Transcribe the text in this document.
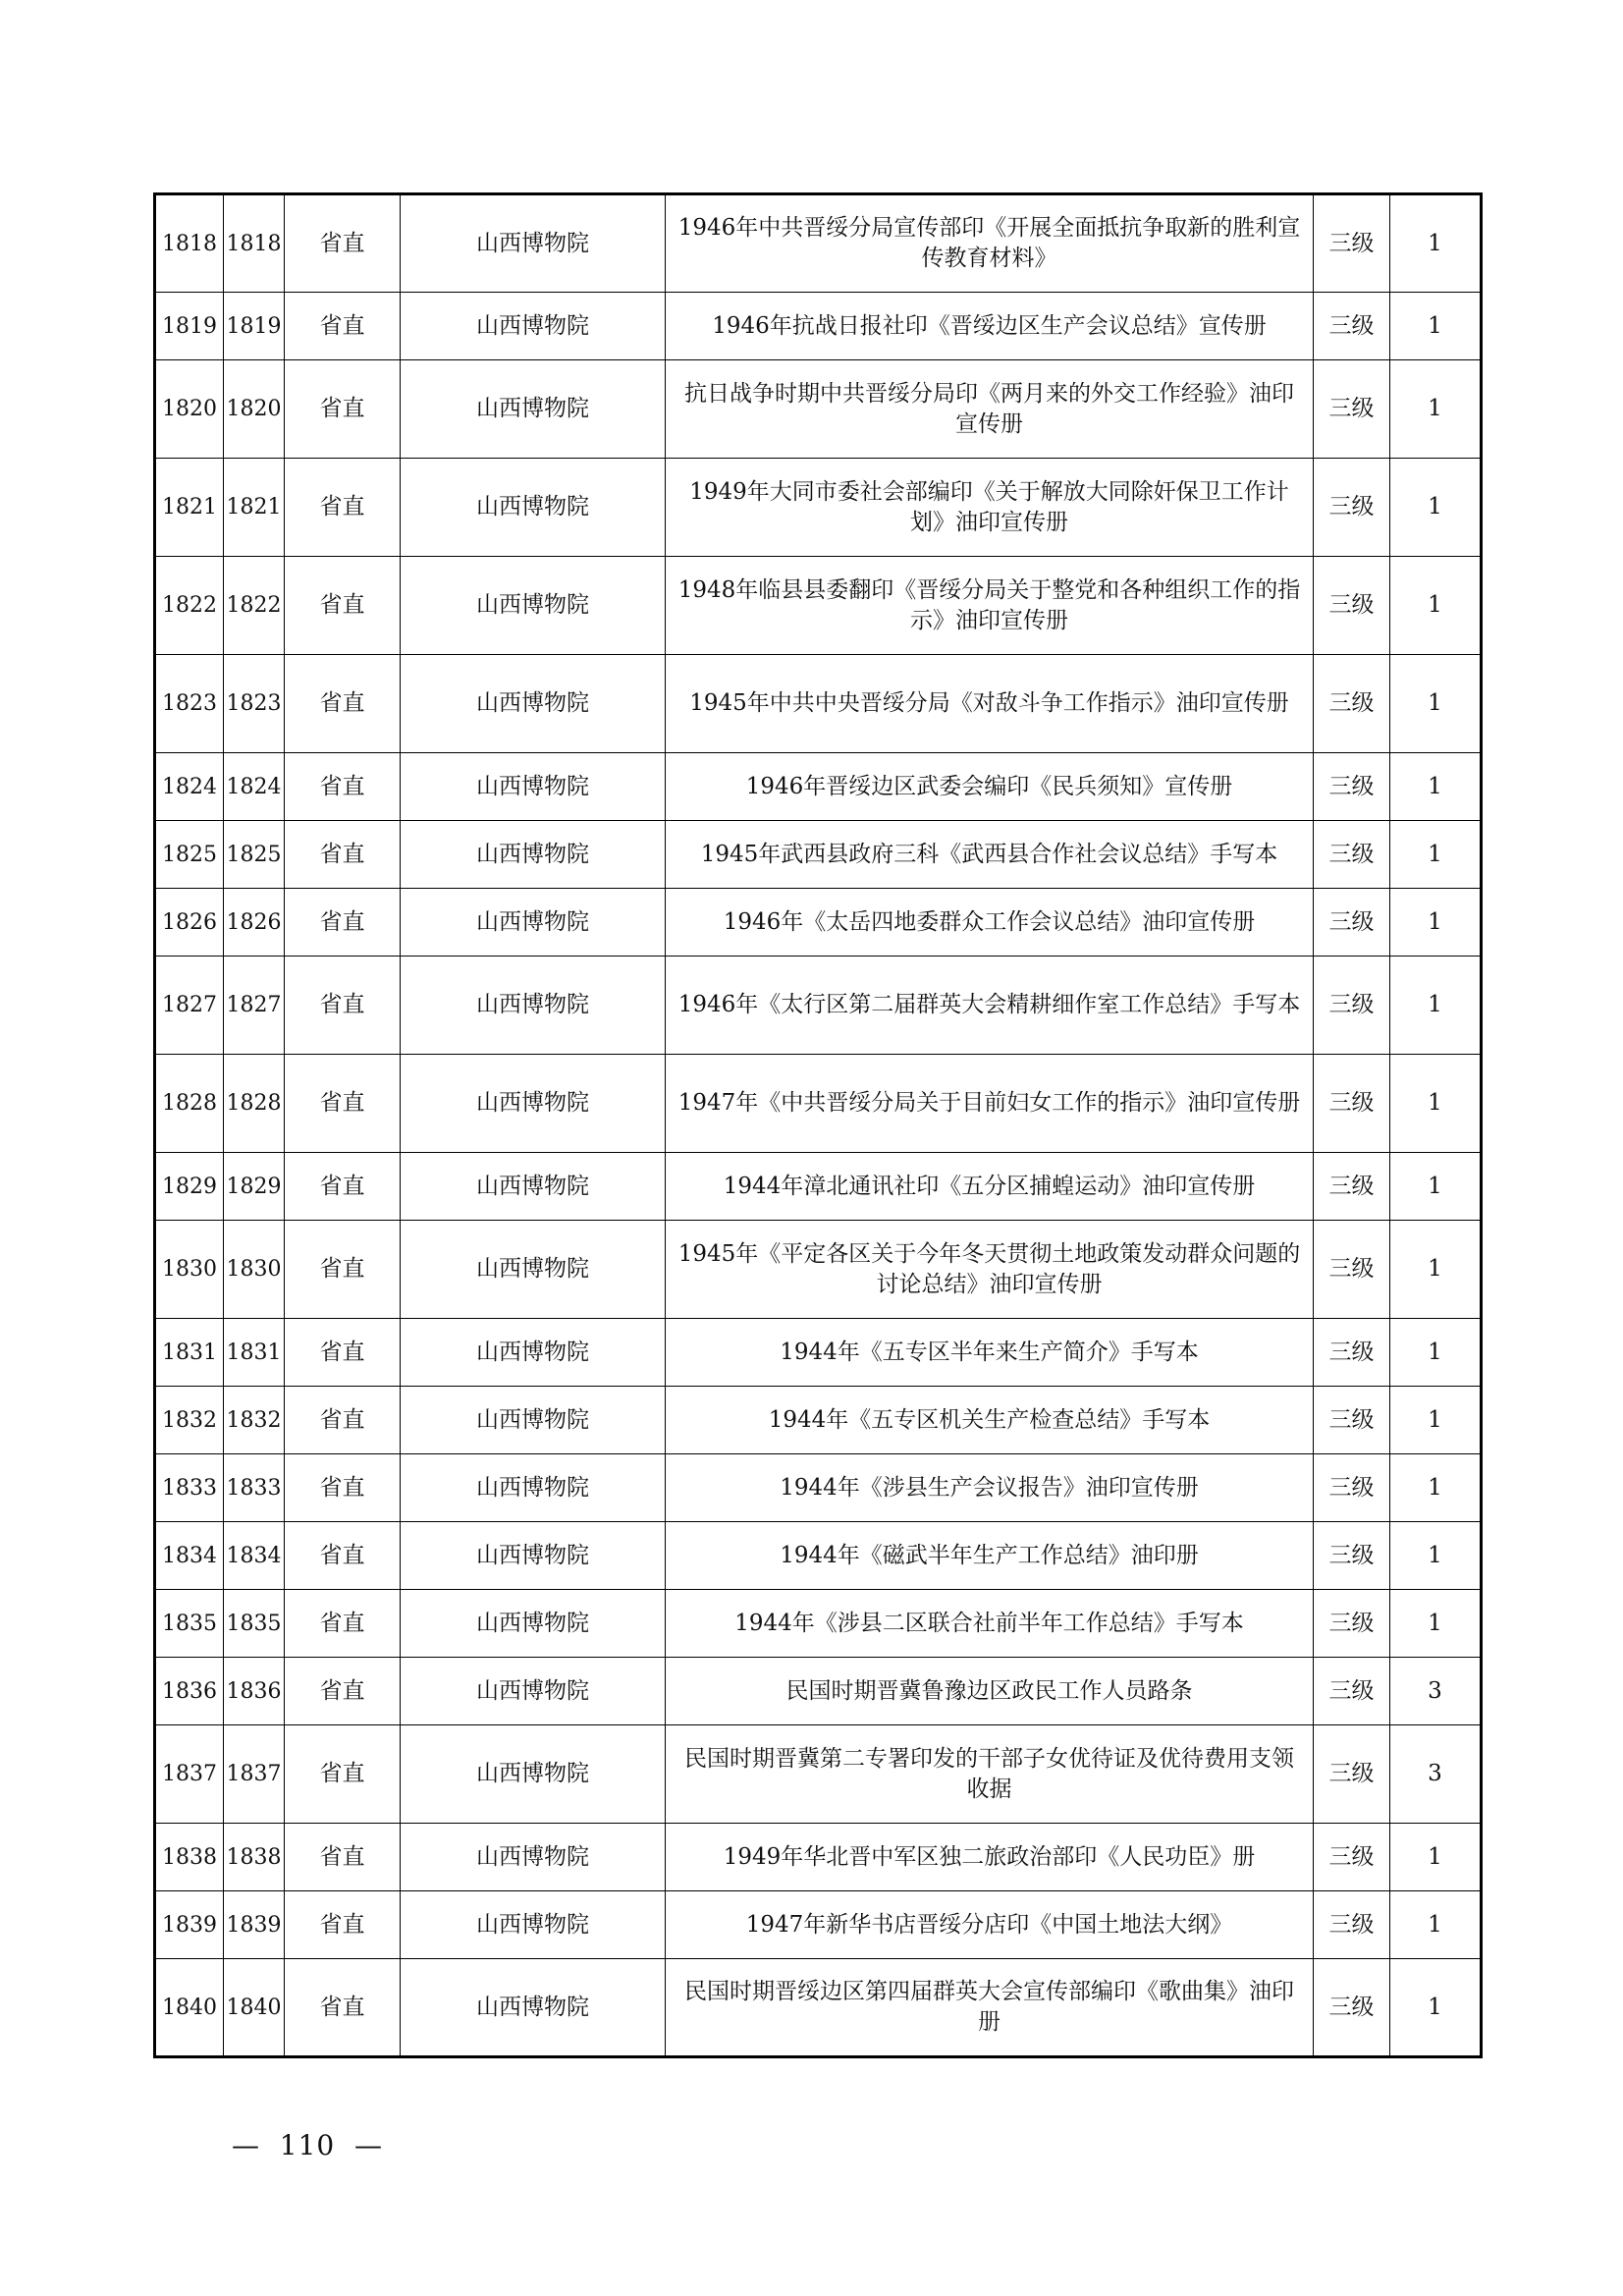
1818	1818	省直	山西博物院	1946年中共晋绥分局宣传部印《开展全面抵抗争取新的胜利宣传教育材料》	三级	1
1819	1819	省直	山西博物院	1946年抗战日报社印《晋绥边区生产会议总结》宣传册	三级	1
1820	1820	省直	山西博物院	抗日战争时期中共晋绥分局印《两月来的外交工作经验》油印宣传册	三级	1
1821	1821	省直	山西博物院	1949年大同市委社会部编印《关于解放大同除奸保卫工作计划》油印宣传册	三级	1
1822	1822	省直	山西博物院	1948年临县县委翻印《晋绥分局关于整党和各种组织工作的指示》油印宣传册	三级	1
1823	1823	省直	山西博物院	1945年中共中央晋绥分局《对敌斗争工作指示》油印宣传册	三级	1
1824	1824	省直	山西博物院	1946年晋绥边区武委会编印《民兵须知》宣传册	三级	1
1825	1825	省直	山西博物院	1945年武西县政府三科《武西县合作社会议总结》手写本	三级	1
1826	1826	省直	山西博物院	1946年《太岳四地委群众工作会议总结》油印宣传册	三级	1
1827	1827	省直	山西博物院	1946年《太行区第二届群英大会精耕细作室工作总结》手写本	三级	1
1828	1828	省直	山西博物院	1947年《中共晋绥分局关于目前妇女工作的指示》油印宣传册	三级	1
1829	1829	省直	山西博物院	1944年漳北通讯社印《五分区捕蝗运动》油印宣传册	三级	1
1830	1830	省直	山西博物院	1945年《平定各区关于今年冬天贯彻土地政策发动群众问题的讨论总结》油印宣传册	三级	1
1831	1831	省直	山西博物院	1944年《五专区半年来生产简介》手写本	三级	1
1832	1832	省直	山西博物院	1944年《五专区机关生产检查总结》手写本	三级	1
1833	1833	省直	山西博物院	1944年《涉县生产会议报告》油印宣传册	三级	1
1834	1834	省直	山西博物院	1944年《磁武半年生产工作总结》油印册	三级	1
1835	1835	省直	山西博物院	1944年《涉县二区联合社前半年工作总结》手写本	三级	1
1836	1836	省直	山西博物院	民国时期晋冀鲁豫边区政民工作人员路条	三级	3
1837	1837	省直	山西博物院	民国时期晋冀第二专署印发的干部子女优待证及优待费用支领收据	三级	3
1838	1838	省直	山西博物院	1949年华北晋中军区独二旅政治部印《人民功臣》册	三级	1
1839	1839	省直	山西博物院	1947年新华书店晋绥分店印《中国土地法大纲》	三级	1
1840	1840	省直	山西博物院	民国时期晋绥边区第四届群英大会宣传部编印《歌曲集》油印册	三级	1
—  110  —
